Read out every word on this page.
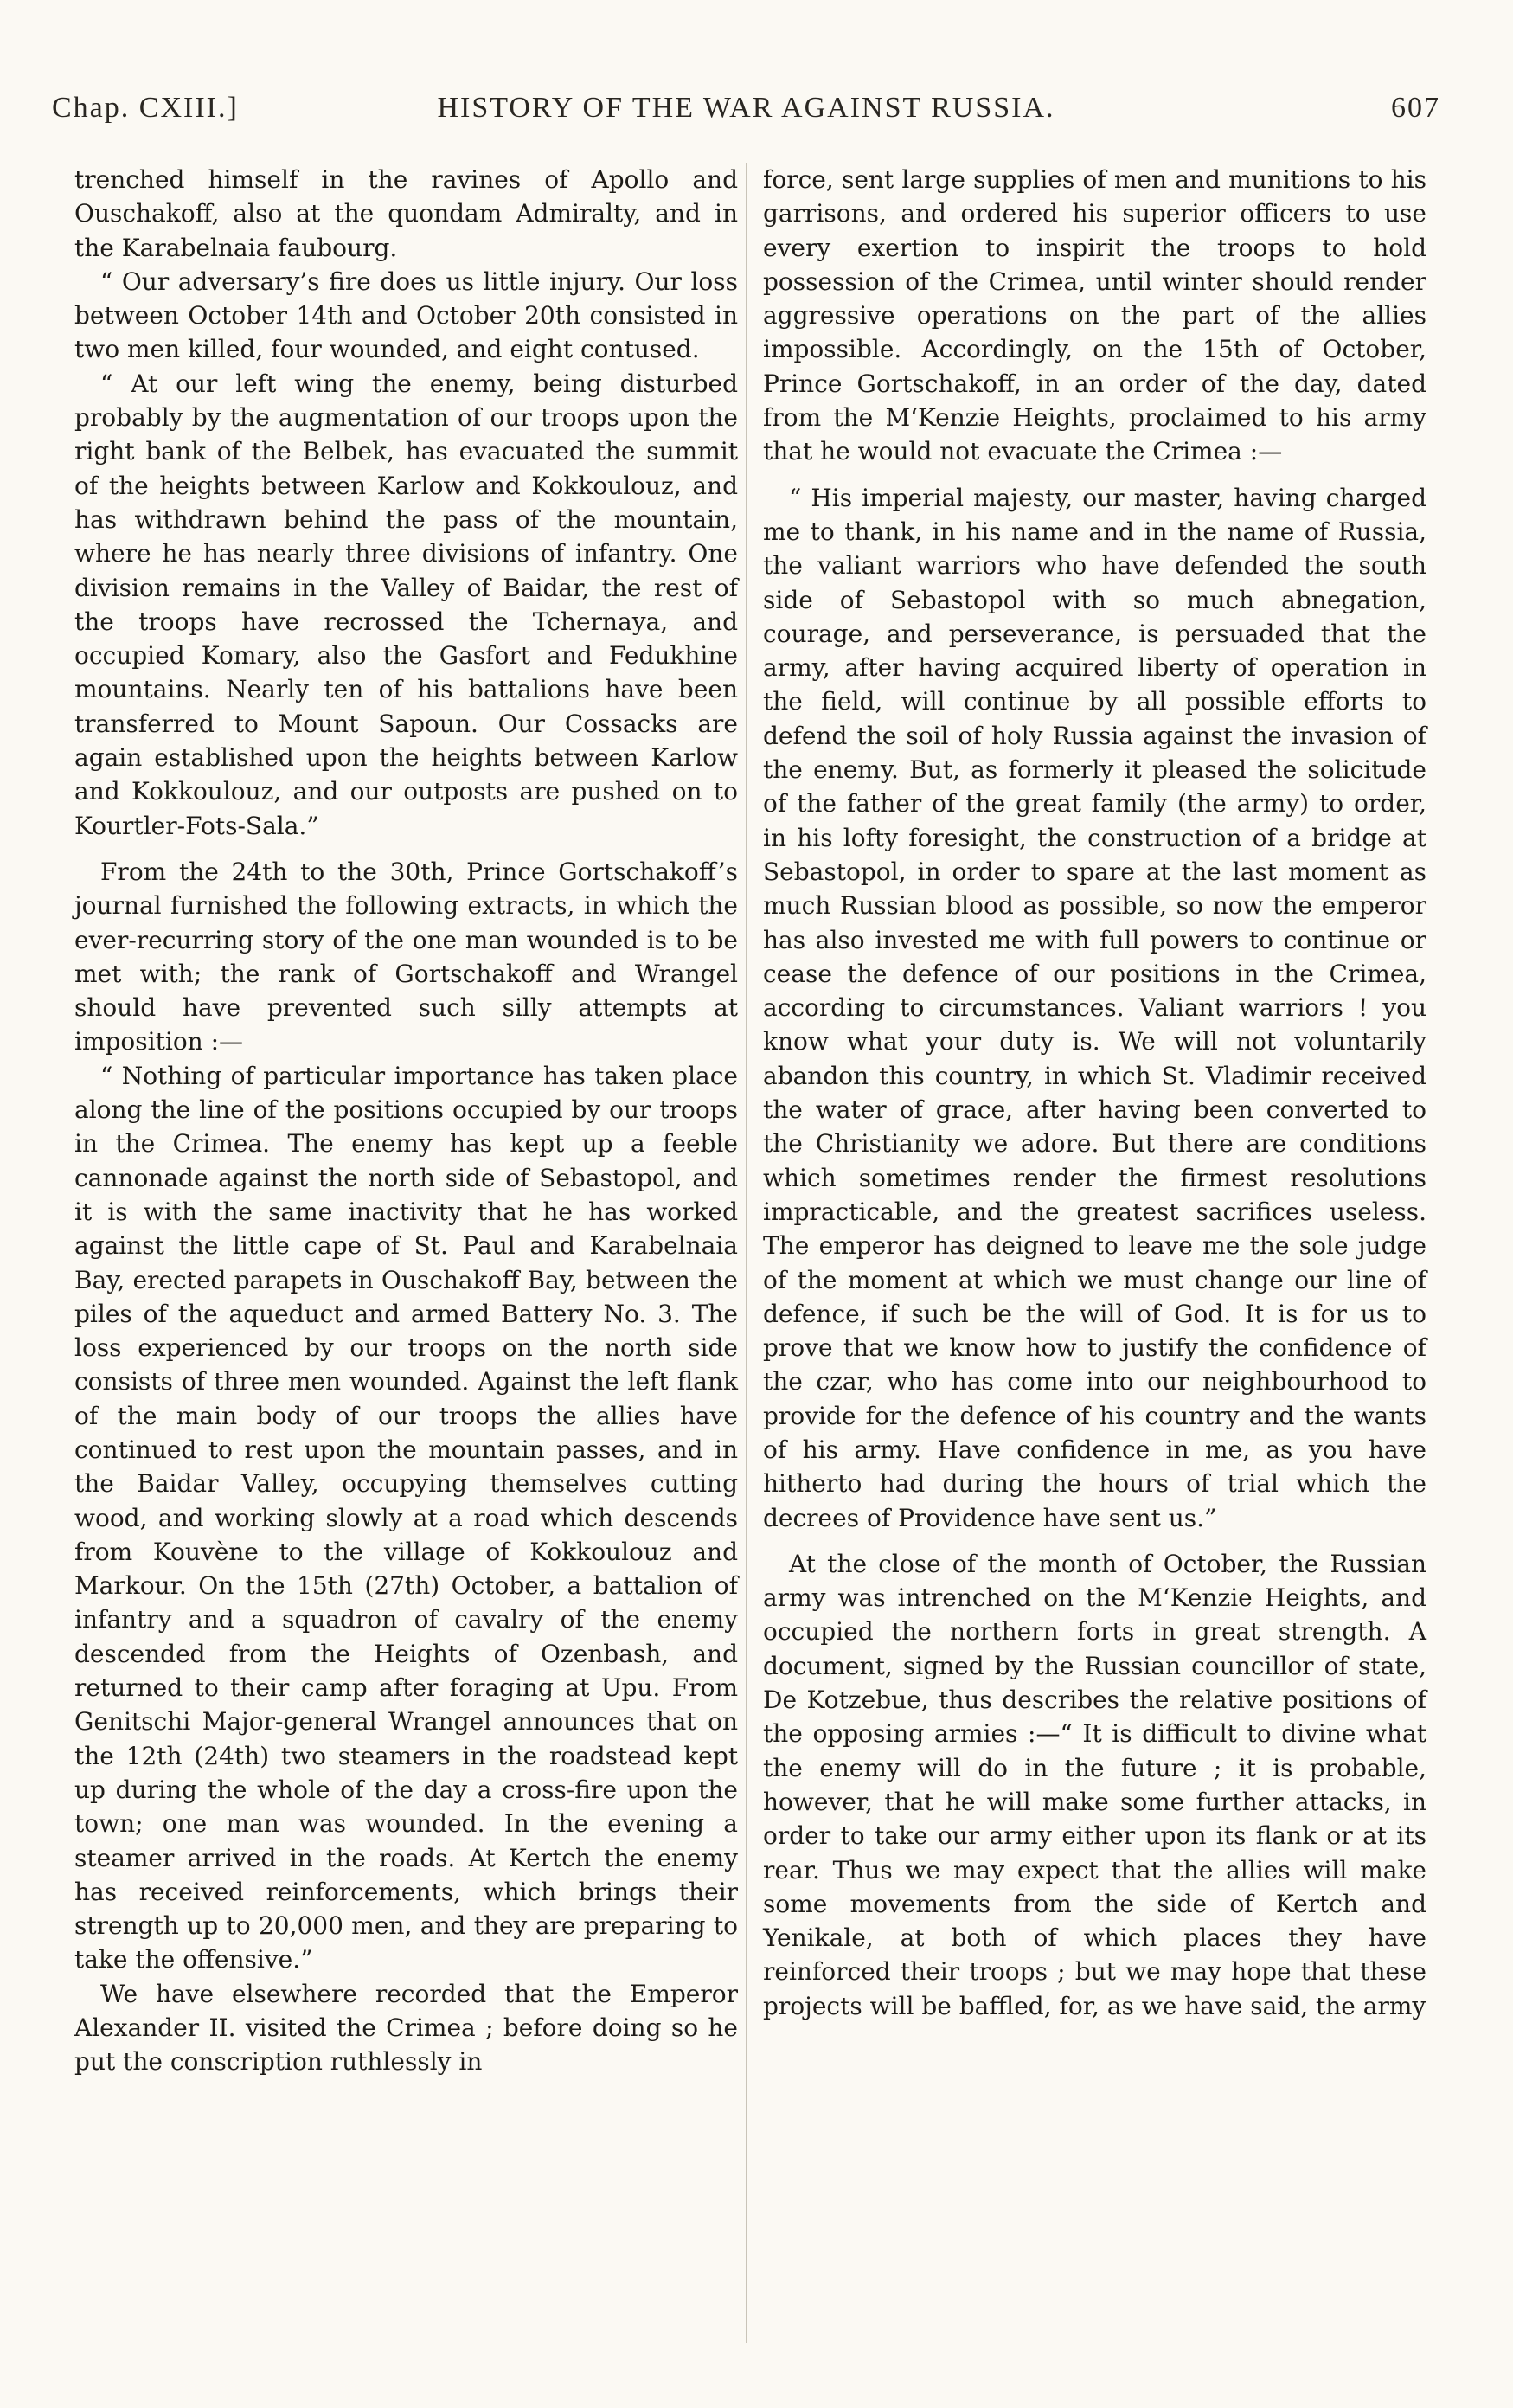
Chap. CXIII.]	HISTORY OF THE WAR AGAINST RUSSIA.	607

trenched himself in the ravines of Apollo and Ouschakoff, also at the quondam Admiralty, and in the Karabelnaia faubourg.

“ Our adversary’s fire does us little injury. Our loss between October 14th and October 20th consisted in two men killed, four wounded, and eight contused.

“ At our left wing the enemy, being disturbed probably by the augmentation of our troops upon the right bank of the Belbek, has evacuated the summit of the heights between Karlow and Kokkoulouz, and has withdrawn behind the pass of the mountain, where he has nearly three divisions of infantry. One division remains in the Valley of Baidar, the rest of the troops have recrossed the Tchernaya, and occupied Komary, also the Gasfort and Fedukhine mountains. Nearly ten of his battalions have been transferred to Mount Sapoun. Our Cossacks are again established upon the heights between Karlow and Kokkoulouz, and our outposts are pushed on to Kourtler-Fots-Sala.”

From the 24th to the 30th, Prince Gortschakoff’s journal furnished the following extracts, in which the ever-recurring story of the one man wounded is to be met with; the rank of Gortschakoff and Wrangel should have prevented such silly attempts at imposition :—

“ Nothing of particular importance has taken place along the line of the positions occupied by our troops in the Crimea. The enemy has kept up a feeble cannonade against the north side of Sebastopol, and it is with the same inactivity that he has worked against the little cape of St. Paul and Karabelnaia Bay, erected parapets in Ouschakoff Bay, between the piles of the aqueduct and armed Battery No. 3. The loss experienced by our troops on the north side consists of three men wounded. Against the left flank of the main body of our troops the allies have continued to rest upon the mountain passes, and in the Baidar Valley, occupying themselves cutting wood, and working slowly at a road which descends from Kouvène to the village of Kokkoulouz and Markour. On the 15th (27th) October, a battalion of infantry and a squadron of cavalry of the enemy descended from the Heights of Ozenbash, and returned to their camp after foraging at Upu. From Genitschi Major-general Wrangel announces that on the 12th (24th) two steamers in the roadstead kept up during the whole of the day a cross-fire upon the town; one man was wounded. In the evening a steamer arrived in the roads. At Kertch the enemy has received reinforcements, which brings their strength up to 20,000 men, and they are preparing to take the offensive.”

We have elsewhere recorded that the Emperor Alexander II. visited the Crimea ; before doing so he put the conscription ruthlessly in

force, sent large supplies of men and munitions to his garrisons, and ordered his superior officers to use every exertion to inspirit the troops to hold possession of the Crimea, until winter should render aggressive operations on the part of the allies impossible. Accordingly, on the 15th of October, Prince Gortschakoff, in an order of the day, dated from the M‘Kenzie Heights, proclaimed to his army that he would not evacuate the Crimea :—

“ His imperial majesty, our master, having charged me to thank, in his name and in the name of Russia, the valiant warriors who have defended the south side of Sebastopol with so much abnegation, courage, and perseverance, is persuaded that the army, after having acquired liberty of operation in the field, will continue by all possible efforts to defend the soil of holy Russia against the invasion of the enemy. But, as formerly it pleased the solicitude of the father of the great family (the army) to order, in his lofty foresight, the construction of a bridge at Sebastopol, in order to spare at the last moment as much Russian blood as possible, so now the emperor has also invested me with full powers to continue or cease the defence of our positions in the Crimea, according to circumstances. Valiant warriors ! you know what your duty is. We will not voluntarily abandon this country, in which St. Vladimir received the water of grace, after having been converted to the Christianity we adore. But there are conditions which sometimes render the firmest resolutions impracticable, and the greatest sacrifices useless. The emperor has deigned to leave me the sole judge of the moment at which we must change our line of defence, if such be the will of God. It is for us to prove that we know how to justify the confidence of the czar, who has come into our neighbourhood to provide for the defence of his country and the wants of his army. Have confidence in me, as you have hitherto had during the hours of trial which the decrees of Providence have sent us.”

At the close of the month of October, the Russian army was intrenched on the M‘Kenzie Heights, and occupied the northern forts in great strength. A document, signed by the Russian councillor of state, De Kotzebue, thus describes the relative positions of the opposing armies :—“ It is difficult to divine what the enemy will do in the future ; it is probable, however, that he will make some further attacks, in order to take our army either upon its flank or at its rear. Thus we may expect that the allies will make some movements from the side of Kertch and Yenikale, at both of which places they have reinforced their troops ; but we may hope that these projects will be baffled, for, as we have said, the army
